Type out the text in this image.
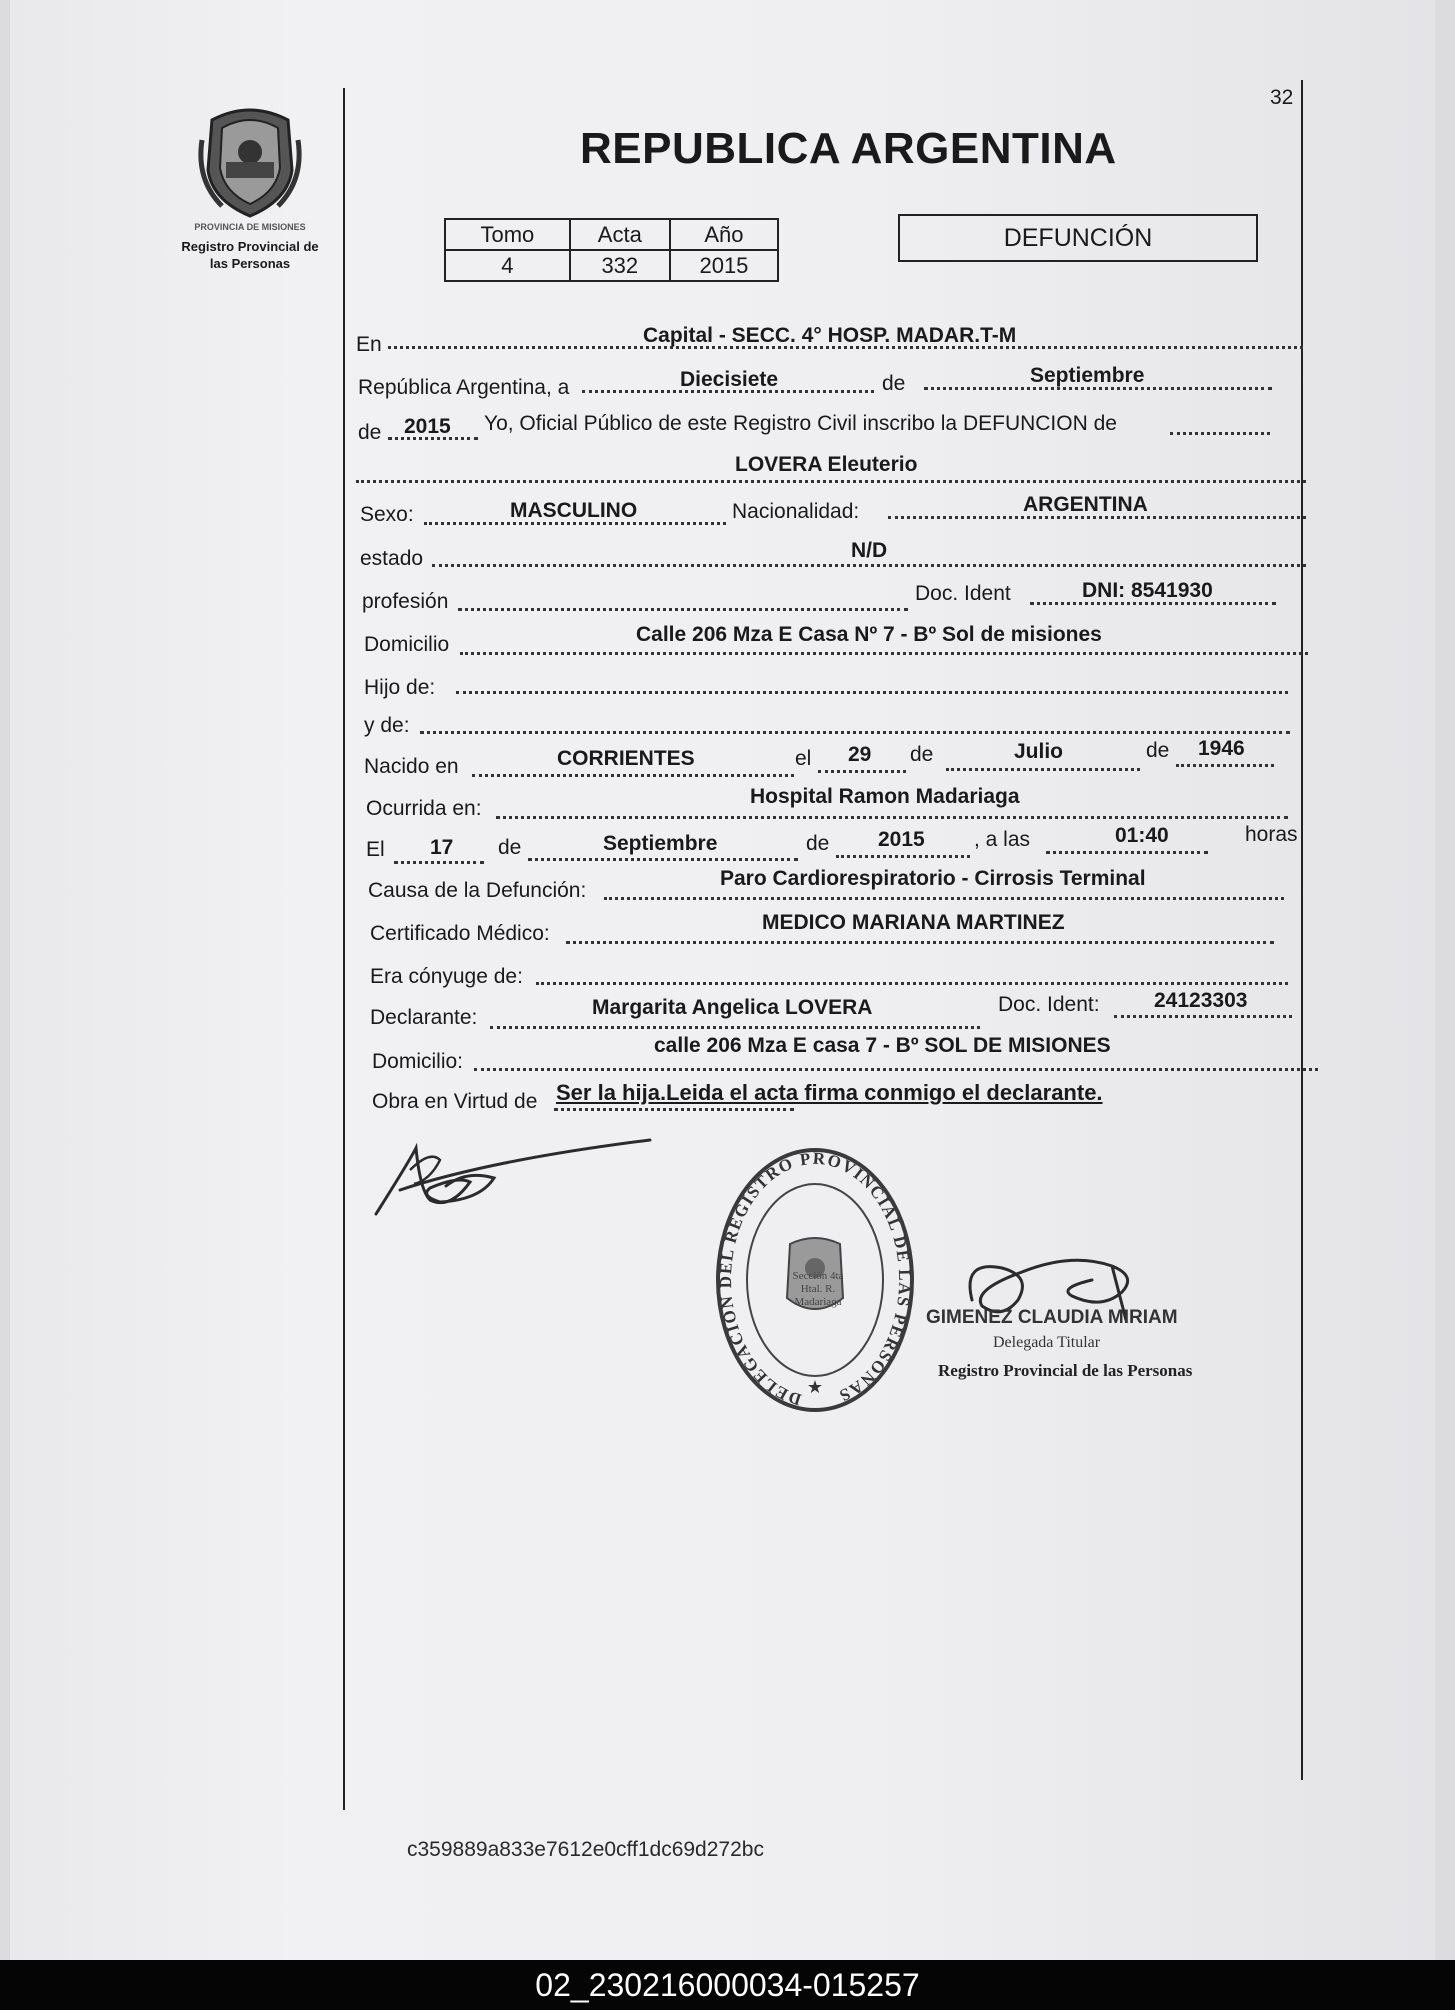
32
PROVINCIA DE MISIONES
Registro Provincial de
las Personas
REPUBLICA ARGENTINA
Tomo	Acta	Año
4	332	2015
DEFUNCIÓN
En	Capital - SECC. 4° HOSP. MADAR.T-M
República Argentina, a	Diecisiete	de	Septiembre
de 2015 Yo, Oficial Público de este Registro Civil inscribo la DEFUNCION de
LOVERA Eleuterio
Sexo:	MASCULINO	Nacionalidad:	ARGENTINA
estado	N/D
profesión	Doc. Ident	DNI: 8541930
Domicilio	Calle 206 Mza E Casa Nº 7 - Bº Sol de misiones
Hijo de:
y de:
Nacido en	CORRIENTES	el 29 de	Julio	de 1946
Ocurrida en:
Hospital Ramon Madariaga
El 17 de	Septiembre	de 2015 , a las	01:40	horas
Causa de la Defunción:
Paro Cardiorespiratorio - Cirrosis Terminal
Certificado Médico:	MEDICO MARIANA MARTINEZ
Era cónyuge de:
Declarante:	Margarita Angelica LOVERA	Doc. Ident:	24123303
Domicilio:
calle 206 Mza E casa 7 - Bº SOL DE MISIONES
Obra en Virtud de Ser la hija.Leida el acta firma conmigo el declarante.
DELEGACION DEL REGISTRO PROVINCIAL DE LAS PERSONAS
★
Sección 4ta Htal. R. Madariaga
GIMENEZ CLAUDIA MIRIAM
Delegada Titular
Registro Provincial de las Personas
c359889a833e7612e0cff1dc69d272bc
02_230216000034-015257
